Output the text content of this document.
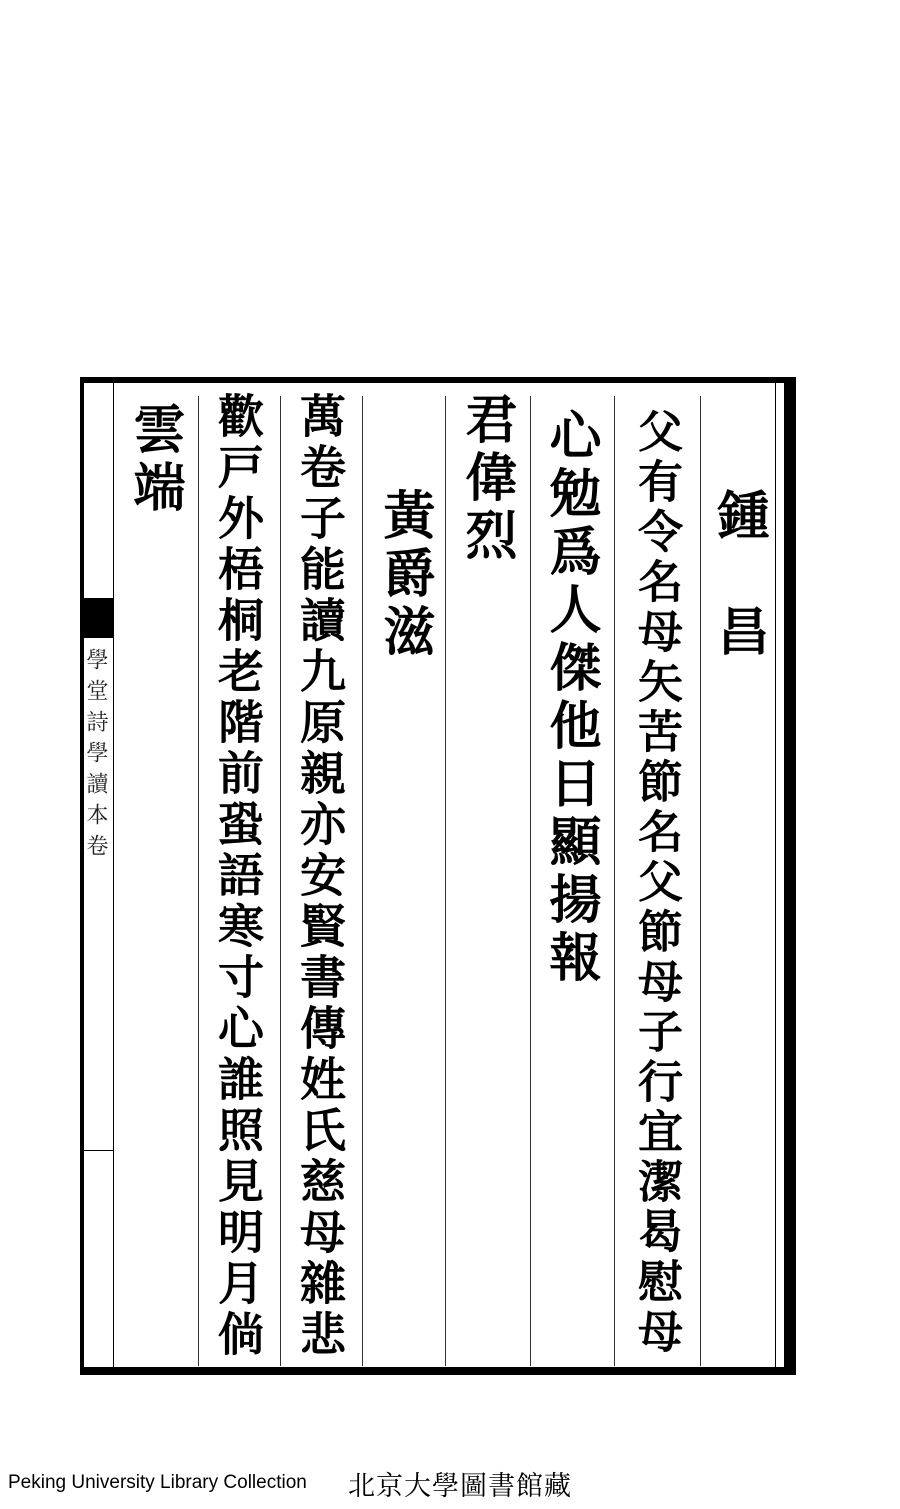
學 堂 詩 學 讀 本 卷
鍾　昌
父有令名母矢苦節名父節母子行宜潔曷慰母
心勉爲人傑他日顯揚報
君偉烈
黃爵滋
萬卷子能讀九原親亦安賢書傳姓氏慈母雜悲
歡戸外梧桐老階前蛩語寒寸心誰照見明月倘
雲端
Peking University Library Collection 北京大學圖書館藏
